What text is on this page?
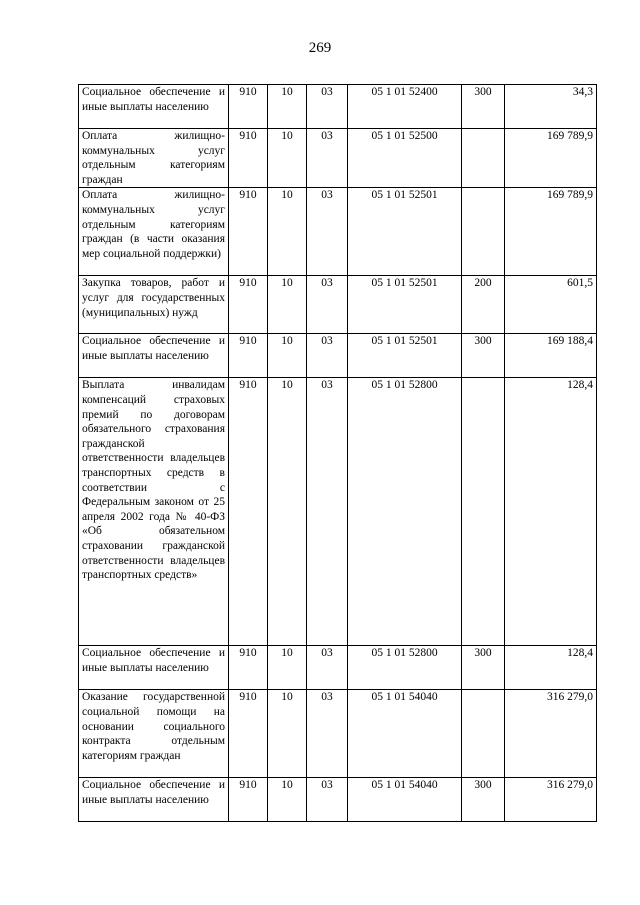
269
Социальное обеспечение и иные выплаты населению	910	10	03	05 1 01 52400	300	34,3
Оплата жилищно-коммунальных услуг отдельным категориям граждан	910	10	03	05 1 01 52500		169 789,9
Оплата жилищно-коммунальных услуг отдельным категориям граждан (в части оказания мер социальной поддержки)	910	10	03	05 1 01 52501		169 789,9
Закупка товаров, работ и услуг для государственных (муниципальных) нужд	910	10	03	05 1 01 52501	200	601,5
Социальное обеспечение и иные выплаты населению	910	10	03	05 1 01 52501	300	169 188,4
Выплата инвалидам компенсаций страховых премий по договорам обязательного страхования гражданской ответственности владельцев транспортных средств в соответствии с Федеральным законом от 25 апреля 2002 года № 40-ФЗ «Об обязательном страховании гражданской ответственности владельцев транспортных средств»	910	10	03	05 1 01 52800		128,4
Социальное обеспечение и иные выплаты населению	910	10	03	05 1 01 52800	300	128,4
Оказание государственной социальной помощи на основании социального контракта отдельным категориям граждан	910	10	03	05 1 01 54040		316 279,0
Социальное обеспечение и иные выплаты населению	910	10	03	05 1 01 54040	300	316 279,0
